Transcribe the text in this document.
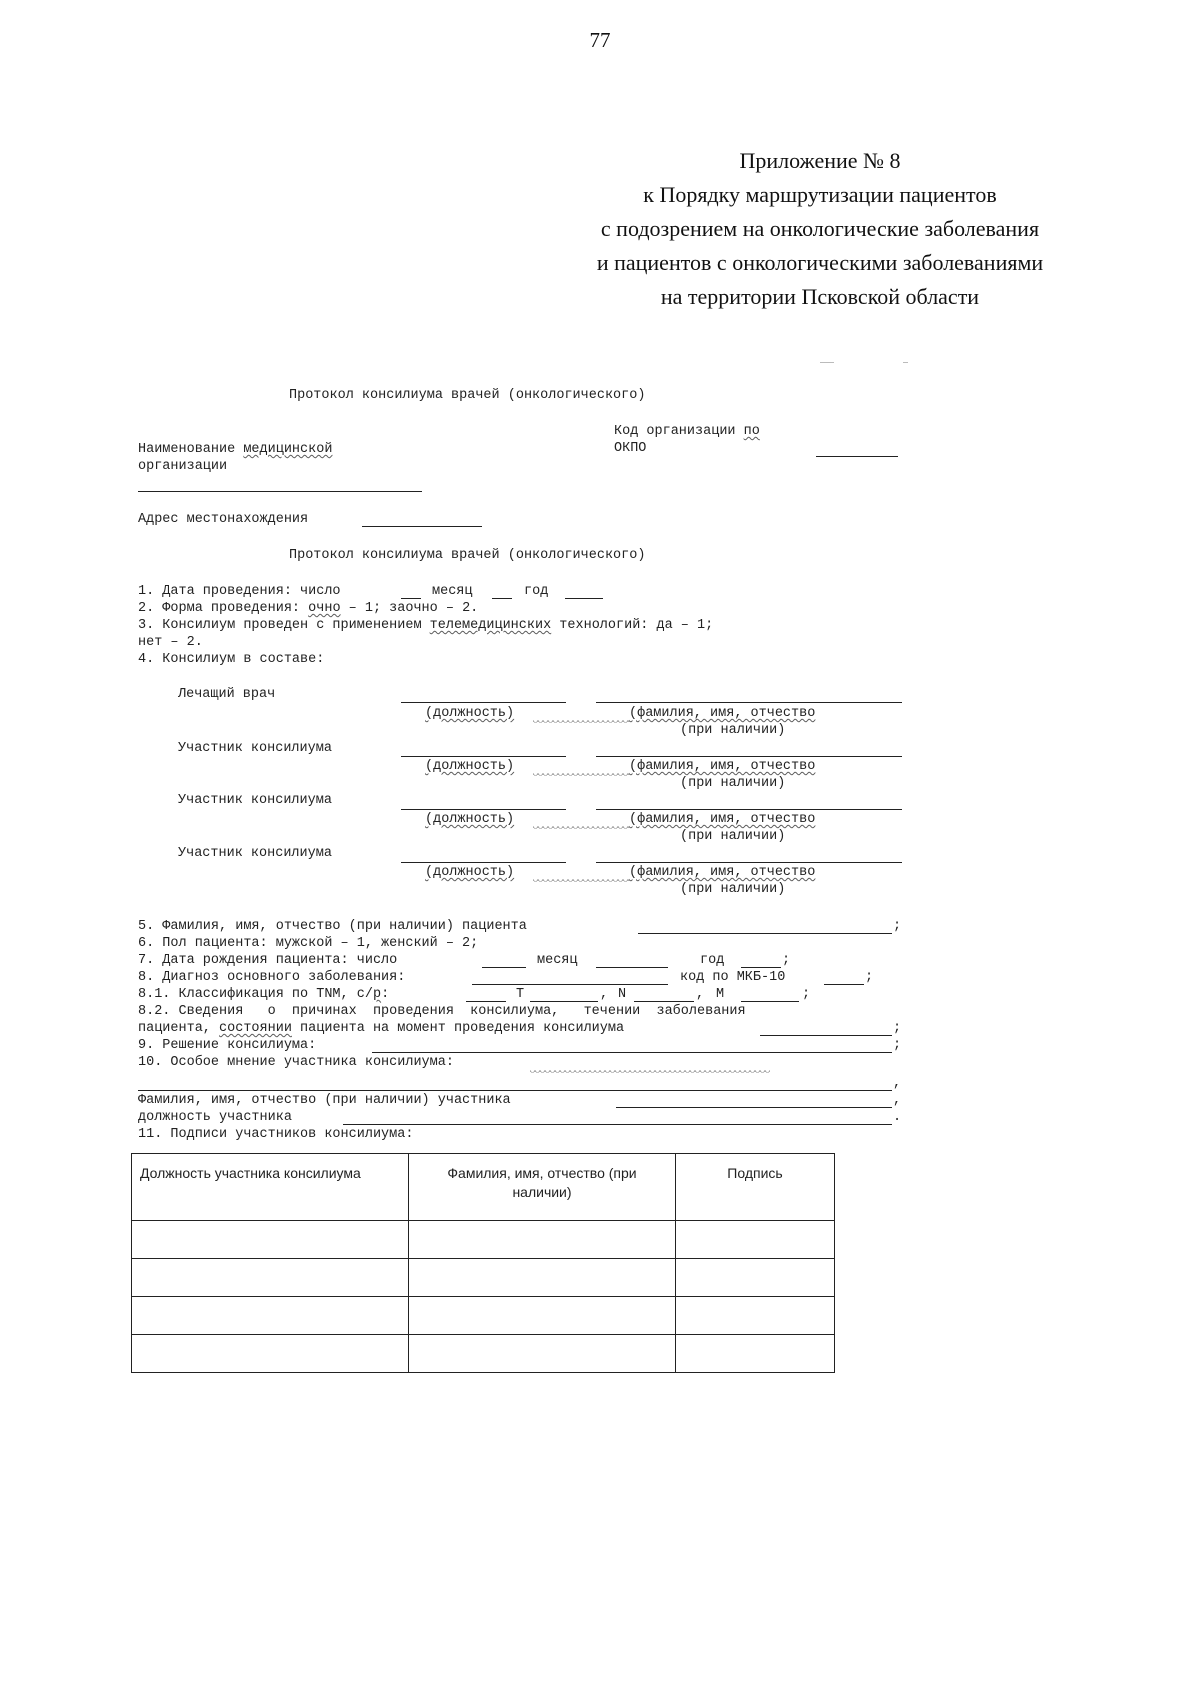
77
Приложение № 8
к Порядку маршрутизации пациентов
с подозрением на онкологические заболевания
и пациентов с онкологическими заболеваниями
на территории Псковской области
Протокол консилиума врачей (онкологического)
Код организации по
ОКПО
Наименование медицинской
организации
Адрес местонахождения
Протокол консилиума врачей (онкологического)
1. Дата проведения: число	месяц	год
2. Форма проведения: очно – 1; заочно – 2.
3. Консилиум проведен с применением телемедицинских технологий: да – 1;
нет – 2.
4. Консилиум в составе:
Лечащий врач
(должность)	(фамилия, имя, отчество
(при наличии)
Участник консилиума
(должность)	(фамилия, имя, отчество
(при наличии)
Участник консилиума
(должность)	(фамилия, имя, отчество
(при наличии)
Участник консилиума
(должность)	(фамилия, имя, отчество
(при наличии)
5. Фамилия, имя, отчество (при наличии) пациента	;
6. Пол пациента: мужской – 1, женский – 2;
7. Дата рождения пациента: число	месяц	год	;
8. Диагноз основного заболевания:	код по МКБ-10	;
8.1. Классификация по TNM, с/р:	T	, N	, M	;
8.2. Сведения   о  причинах  проведения  консилиума,   течении  заболевания
пациента, состоянии пациента на момент проведения консилиума	;
9. Решение консилиума:	;
10. Особое мнение участника консилиума:
,
Фамилия, имя, отчество (при наличии) участника	,
должность участника	.
11. Подписи участников консилиума:
Должность участника консилиума	Фамилия, имя, отчество (при наличии)	Подпись
